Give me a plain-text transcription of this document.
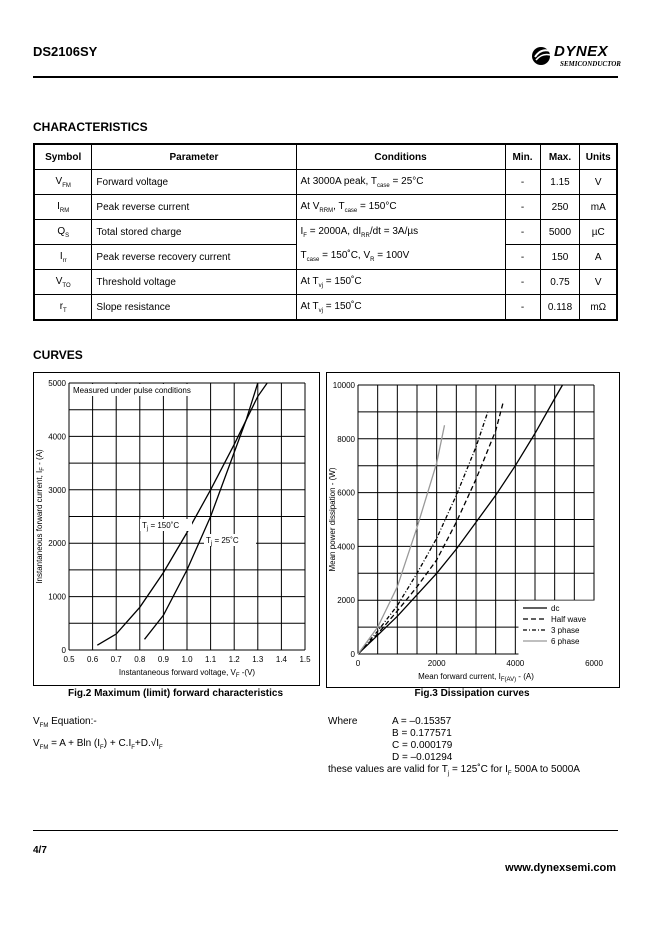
DS2106SY	DYNEX
SEMICONDUCTOR
CHARACTERISTICS
Symbol	Parameter	Conditions	Min.	Max.	Units
$V_{FM}$	Forward voltage	At 3000A peak, $T_{case} = 25^\circ C$	-	1.15	V
$I_{RM}$	Peak reverse current	At $V_{RRM}$, $T_{case} = 150^\circ C$	-	250	mA
$Q_S$	Total stored charge	$I_F = 2000A$, $dI_{RR}/dt = 3A/\mu s$	-	5000	µC
$I_{rr}$	Peak reverse recovery current	$T_{case}$ = 150˚C, $V_R = 100V$	-	150	A
$V_{TO}$	Threshold voltage	At $T_{vj}$ = 150˚C	-	0.75	V
$r_T$	Slope resistance	At $T_{vj}$ = 150˚C	-	0.118	mΩ
CURVES
0.5 0.6 0.7 0.8 0.9 1.0 1.1 1.2 1.3 1.4 1.5
0
1000
2000
3000
4000
5000
Instantaneous forward voltage, $V_F$ -(V)
Instantaneous forward current, $I_F - (A)$
Measured under pulse conditions
$T_j$ = 150˚C
$T_j$ = 25˚C
Fig.2 Maximum (limit) forward characteristics
0	2000	4000	6000
0
2000
4000
6000
8000
10000
Mean forward current, $I_{F(AV)} - (A)$
Mean power dissipation - (W)
dc
Half wave
3 phase
6 phase
Fig.3 Dissipation curves
$V_{FM}$ Equation:-
$V_{FM} = A + Bln$ $(I_F) + C.I_F+D.√I_F$
Where	A = –0.15357
B = 0.177571
C = 0.000179
D = –0.01294
these values are valid for $T_j$ = 125˚C for $I_F$ 500A to 5000A
4/7
www.dynexsemi.com
